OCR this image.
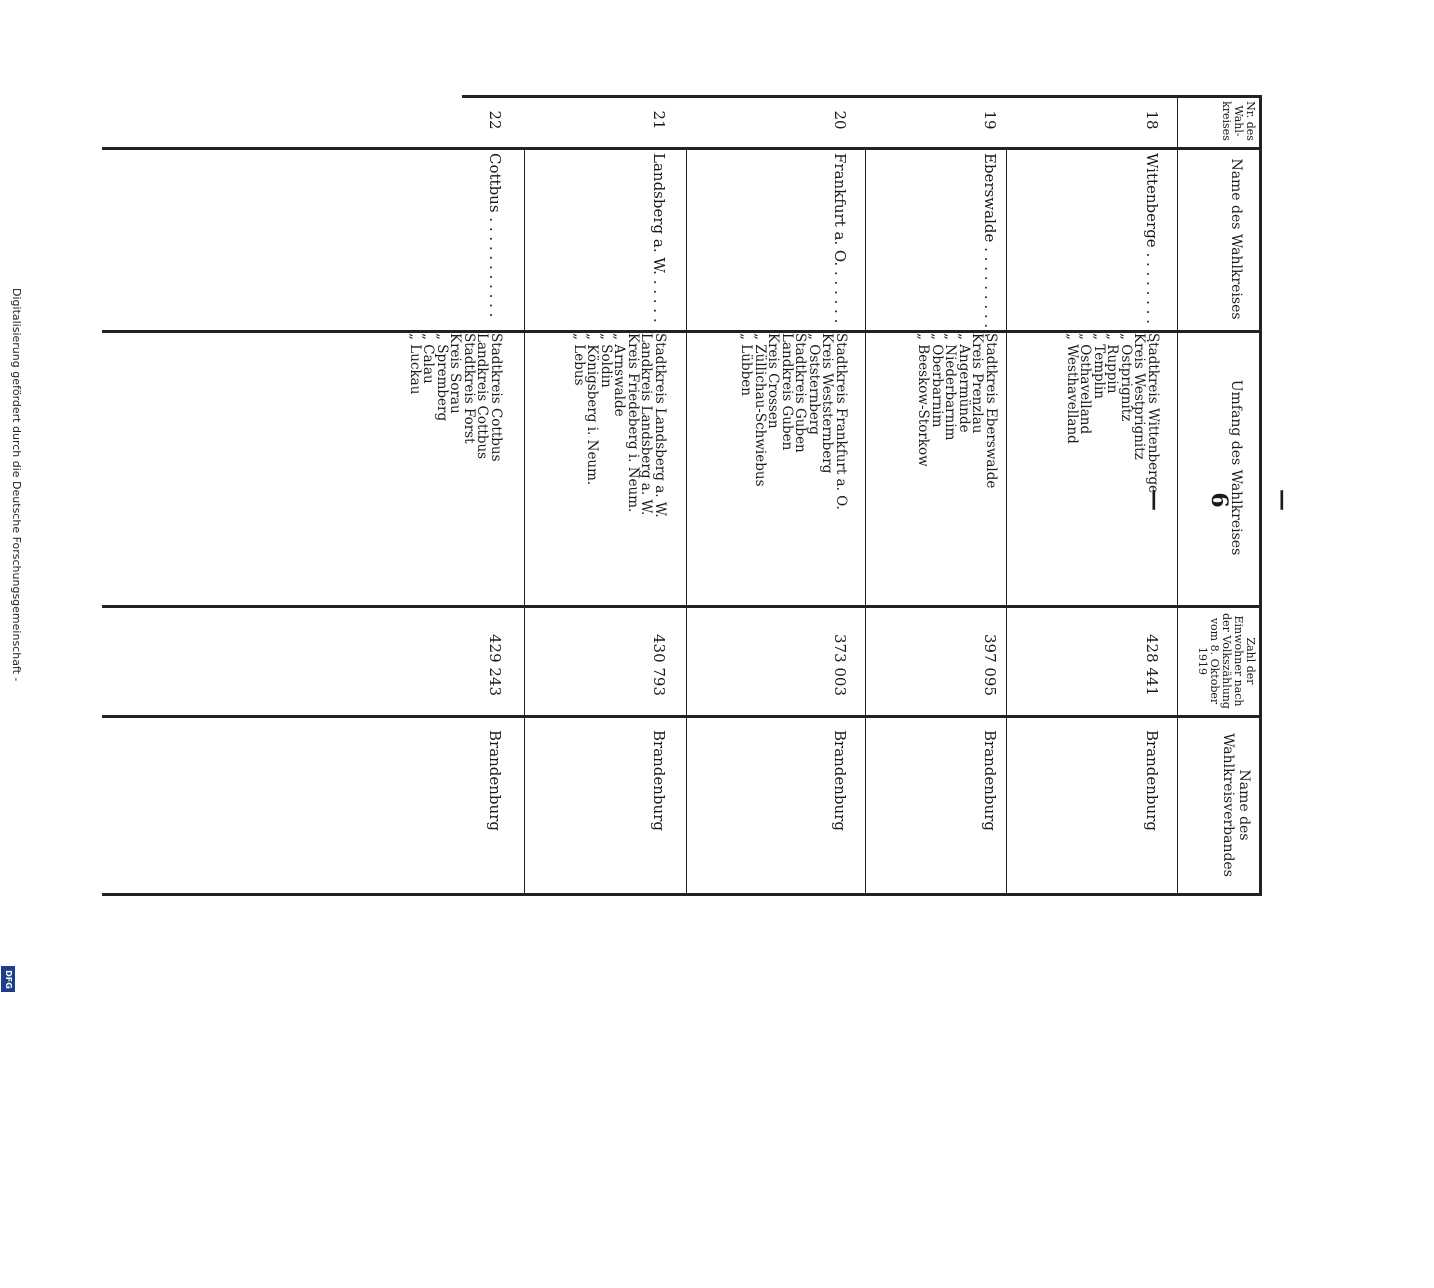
— 6 —
Nr. des Wahl-kreises
Name des Wahlkreises
Umfang des Wahlkreises
Zahl der Einwohner nach der Volkszählung vom 8. Oktober 1919
Name des Wahlkreisverbandes
18
Wittenberge . . . . . . . . . .
Stadtkreis Wittenberge
Kreis Westprignitz
„ Ostprignitz
„ Ruppin
„ Templin
„ Osthavelland
„ Westhavelland
428 441
Brandenburg
19
Eberswalde . . . . . . . . . .
Stadtkreis Eberswalde
Kreis Prenzlau
„ Angermünde
„ Niederbarnim
„ Oberbarnim
„ Beeskow-Storkow
397 095
Brandenburg
20
Frankfurt a. O. . . . . . .
Stadtkreis Frankfurt a. O.
Kreis Weststernberg
„ Oststernberg
Stadtkreis Guben
Landkreis Guben
Kreis Crossen
„ Züllichau-Schwiebus
„ Lübben
373 003
Brandenburg
21
Landsberg a. W. . . . . .
Stadtkreis Landsberg a. W.
Landkreis Landsberg a. W.
Kreis Friedeberg i. Neum.
„ Arnswalde
„ Soldin
„ Königsberg i. Neum.
„ Lebus
430 793
Brandenburg
22
Cottbus . . . . . . . . . . .
Stadtkreis Cottbus
Landkreis Cottbus
Stadtkreis Forst
Kreis Sorau
„ Spremberg
„ Calau
„ Luckau
429 243
Brandenburg
Digitalisierung gefördert durch die Deutsche Forschungsgemeinschaft -
DFG
